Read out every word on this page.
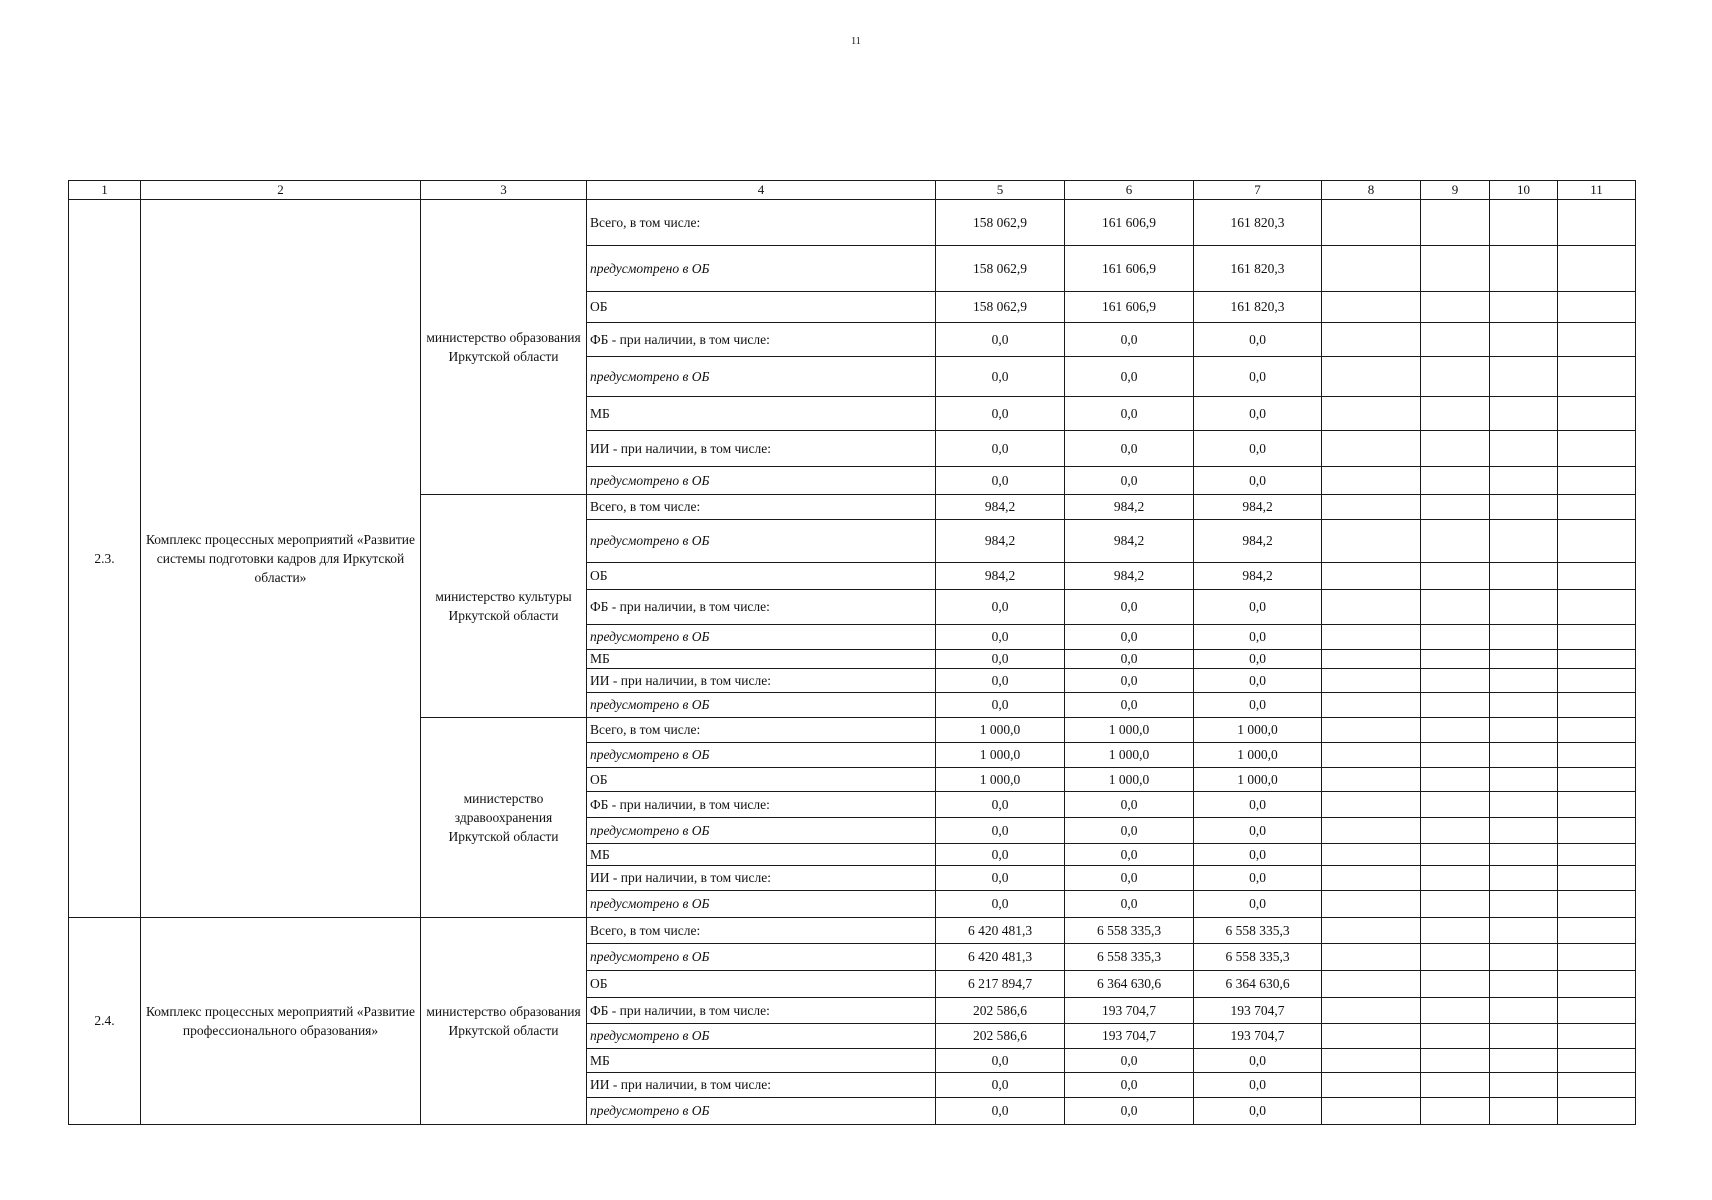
11
1	2	3	4	5	6	7	8	9	10	11
2.3.	Комплекс процессных мероприятий «Развитие системы подготовки кадров для Иркутской области»	министерство образования Иркутской области	Всего, в том числе:	158 062,9	161 606,9	161 820,3				
			предусмотрено в ОБ	158 062,9	161 606,9	161 820,3				
			ОБ	158 062,9	161 606,9	161 820,3				
			ФБ - при наличии, в том числе:	0,0	0,0	0,0				
			предусмотрено в ОБ	0,0	0,0	0,0				
			МБ	0,0	0,0	0,0				
			ИИ - при наличии, в том числе:	0,0	0,0	0,0				
			предусмотрено в ОБ	0,0	0,0	0,0				
		министерство культуры Иркутской области	Всего, в том числе:	984,2	984,2	984,2				
			предусмотрено в ОБ	984,2	984,2	984,2				
			ОБ	984,2	984,2	984,2				
			ФБ - при наличии, в том числе:	0,0	0,0	0,0				
			предусмотрено в ОБ	0,0	0,0	0,0				
			МБ	0,0	0,0	0,0				
			ИИ - при наличии, в том числе:	0,0	0,0	0,0				
			предусмотрено в ОБ	0,0	0,0	0,0				
		министерство здравоохранения Иркутской области	Всего, в том числе:	1 000,0	1 000,0	1 000,0				
			предусмотрено в ОБ	1 000,0	1 000,0	1 000,0				
			ОБ	1 000,0	1 000,0	1 000,0				
			ФБ - при наличии, в том числе:	0,0	0,0	0,0				
			предусмотрено в ОБ	0,0	0,0	0,0				
			МБ	0,0	0,0	0,0				
			ИИ - при наличии, в том числе:	0,0	0,0	0,0				
			предусмотрено в ОБ	0,0	0,0	0,0				
2.4.	Комплекс процессных мероприятий «Развитие профессионального образования»	министерство образования Иркутской области	Всего, в том числе:	6 420 481,3	6 558 335,3	6 558 335,3				
			предусмотрено в ОБ	6 420 481,3	6 558 335,3	6 558 335,3				
			ОБ	6 217 894,7	6 364 630,6	6 364 630,6				
			ФБ - при наличии, в том числе:	202 586,6	193 704,7	193 704,7				
			предусмотрено в ОБ	202 586,6	193 704,7	193 704,7				
			МБ	0,0	0,0	0,0				
			ИИ - при наличии, в том числе:	0,0	0,0	0,0				
			предусмотрено в ОБ	0,0	0,0	0,0				
